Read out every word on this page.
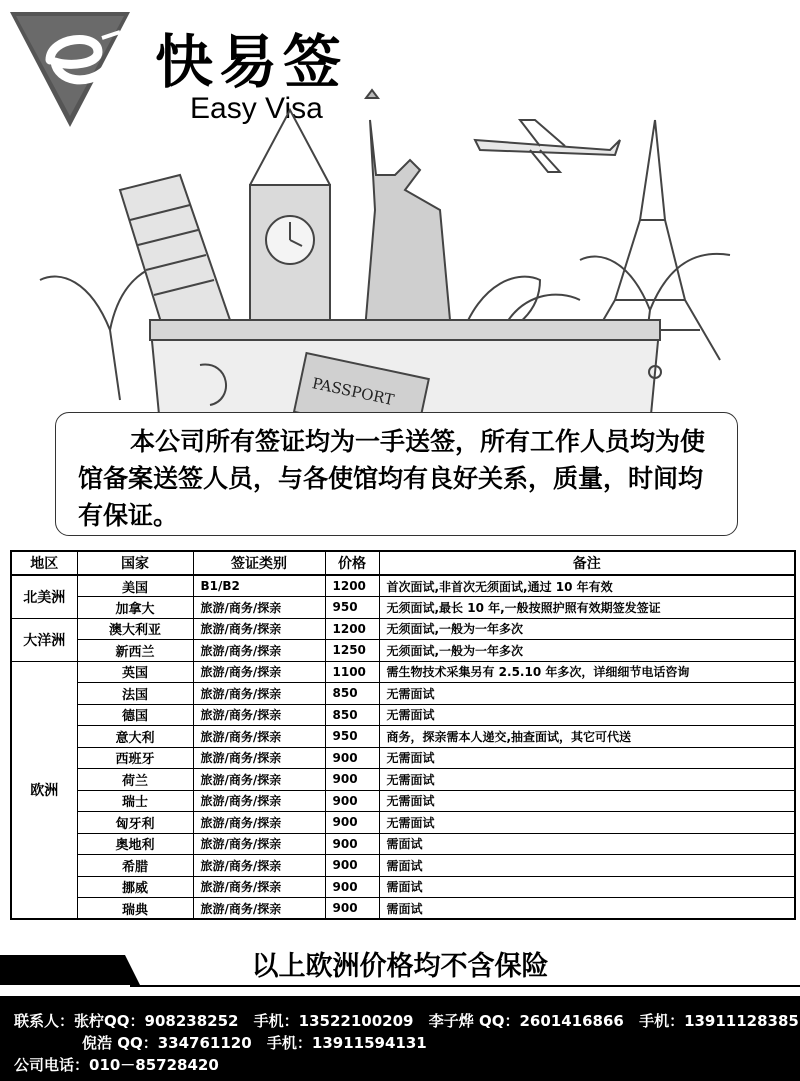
快易签
Easy Visa
PASSPORT

本公司所有签证均为一手送签，所有工作人员均为使馆备案送签人员，与各使馆均有良好关系，质量，时间均有保证。

地区	国家	签证类别	价格	备注
北美洲	美国	B1/B2	1200	首次面试,非首次无须面试,通过 10 年有效
	加拿大	旅游/商务/探亲	950	无须面试,最长 10 年,一般按照护照有效期签发签证
大洋洲	澳大利亚	旅游/商务/探亲	1200	无须面试,一般为一年多次
	新西兰	旅游/商务/探亲	1250	无须面试,一般为一年多次
欧洲	英国	旅游/商务/探亲	1100	需生物技术采集另有 2.5.10 年多次，详细细节电话咨询
	法国	旅游/商务/探亲	850	无需面试
	德国	旅游/商务/探亲	850	无需面试
	意大利	旅游/商务/探亲	950	商务，探亲需本人递交,抽查面试，其它可代送
	西班牙	旅游/商务/探亲	900	无需面试
	荷兰	旅游/商务/探亲	900	无需面试
	瑞士	旅游/商务/探亲	900	无需面试
	匈牙利	旅游/商务/探亲	900	无需面试
	奥地利	旅游/商务/探亲	900	需面试
	希腊	旅游/商务/探亲	900	需面试
	挪威	旅游/商务/探亲	900	需面试
	瑞典	旅游/商务/探亲	900	需面试
以上欧洲价格均不含保险
联系人：张柠QQ：908238252 手机：13522100209 李子烨 QQ：2601416866 手机：13911128385
倪浩 QQ：334761120 手机：13911594131
公司电话：010－85728420
